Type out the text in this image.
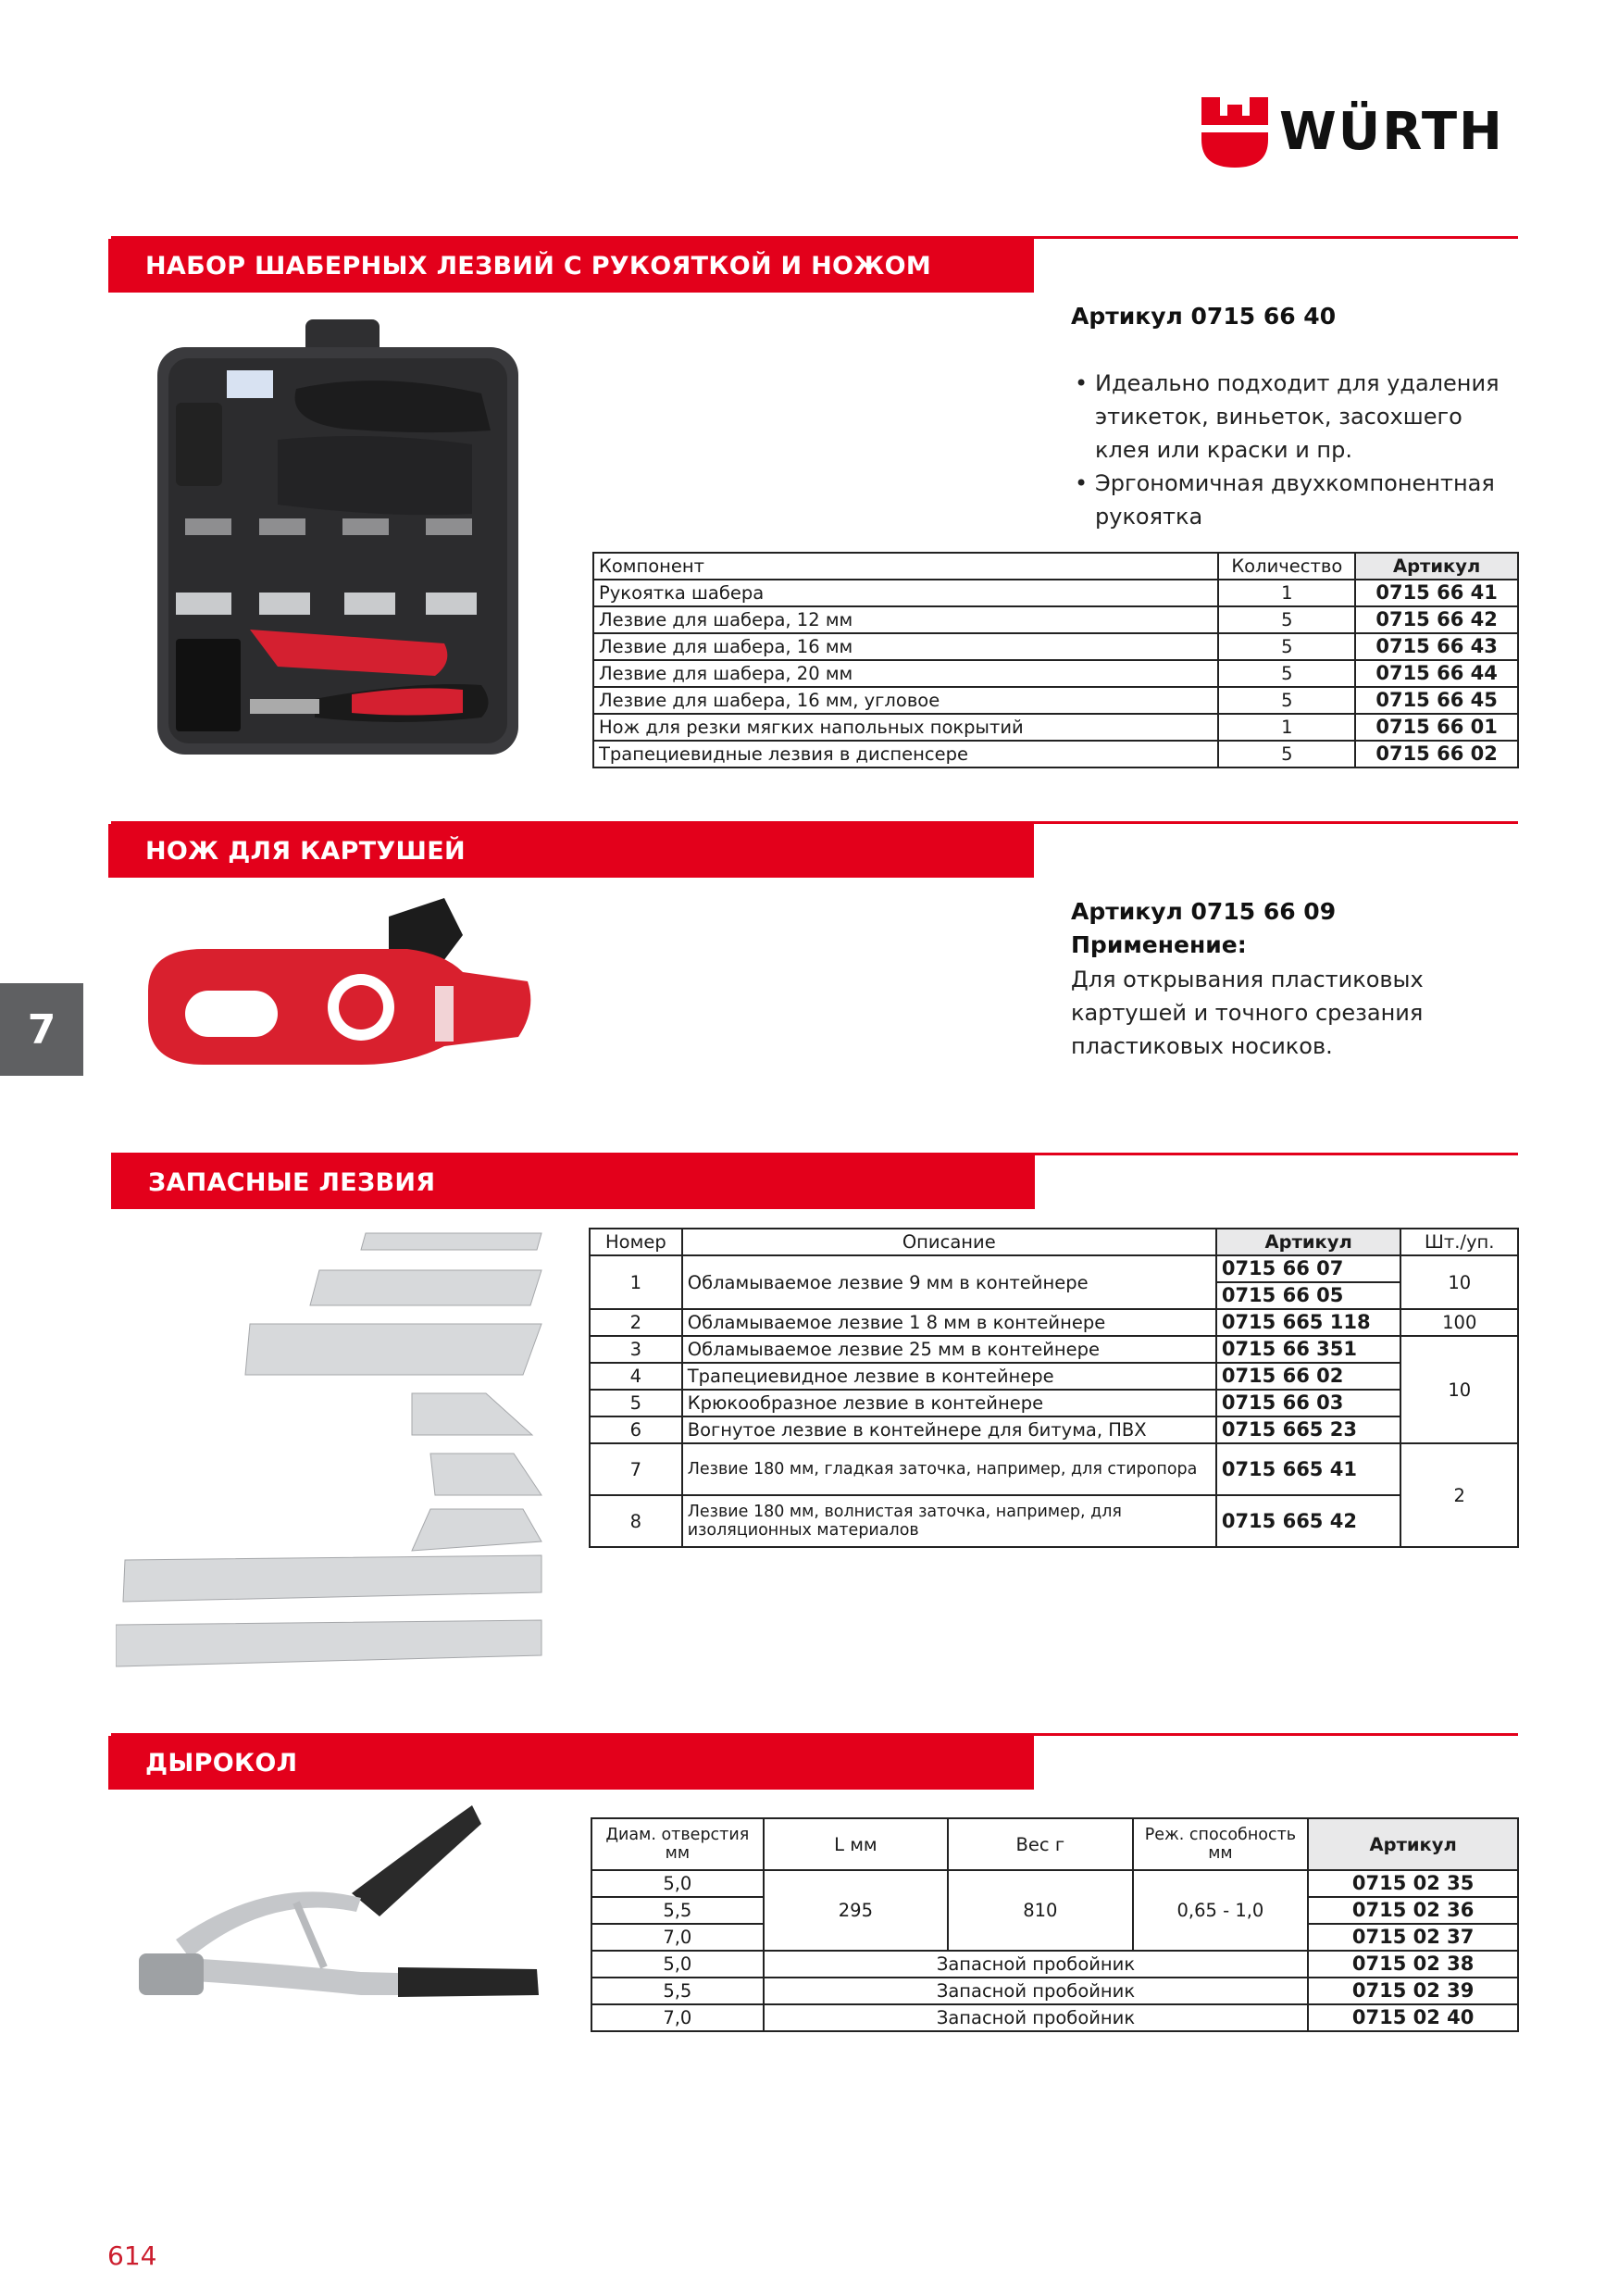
WÜRTH
НАБОР ШАБЕРНЫХ ЛЕЗВИЙ С РУКОЯТКОЙ И НОЖОМ
Артикул 0715 66 40
• Идеально подходит для удаления этикеток, виньеток, засохшего клея или краски и пр.
• Эргономичная двухкомпонентная рукоятка
Компонент	Количество	Артикул
Рукоятка шабера	1	0715 66 41
Лезвие для шабера, 12 мм	5	0715 66 42
Лезвие для шабера, 16 мм	5	0715 66 43
Лезвие для шабера, 20 мм	5	0715 66 44
Лезвие для шабера, 16 мм, угловое	5	0715 66 45
Нож для резки мягких напольных покрытий	1	0715 66 01
Трапециевидные лезвия в диспенсере	5	0715 66 02
НОЖ ДЛЯ КАРТУШЕЙ
Артикул 0715 66 09
Применение:
Для открывания пластиковых картушей и точного срезания пластиковых носиков.
7
ЗАПАСНЫЕ ЛЕЗВИЯ
Номер	Описание	Артикул	Шт./уп.
1	Обламываемое лезвие 9 мм в контейнере	0715 66 07	10
		0715 66 05	
2	Обламываемое лезвие 1 8 мм в контейнере	0715 665 118	100
3	Обламываемое лезвие 25 мм в контейнере	0715 66 351	10
4	Трапециевидное лезвие в контейнере	0715 66 02	
5	Крюкообразное лезвие в контейнере	0715 66 03	
6	Вогнутое лезвие в контейнере для битума, ПВХ	0715 665 23	
7	Лезвие 180 мм, гладкая заточка, например, для стиропора	0715 665 41	2
8	Лезвие 180 мм, волнистая заточка, например, для изоляционных материалов	0715 665 42	
ДЫРОКОЛ
Диам. отверстия мм	L мм	Вес г	Реж. способность мм	Артикул
5,0	295	810	0,65 - 1,0	0715 02 35
5,5				0715 02 36
7,0				0715 02 37
5,0	Запасной пробойник			0715 02 38
5,5	Запасной пробойник			0715 02 39
7,0	Запасной пробойник			0715 02 40
614
